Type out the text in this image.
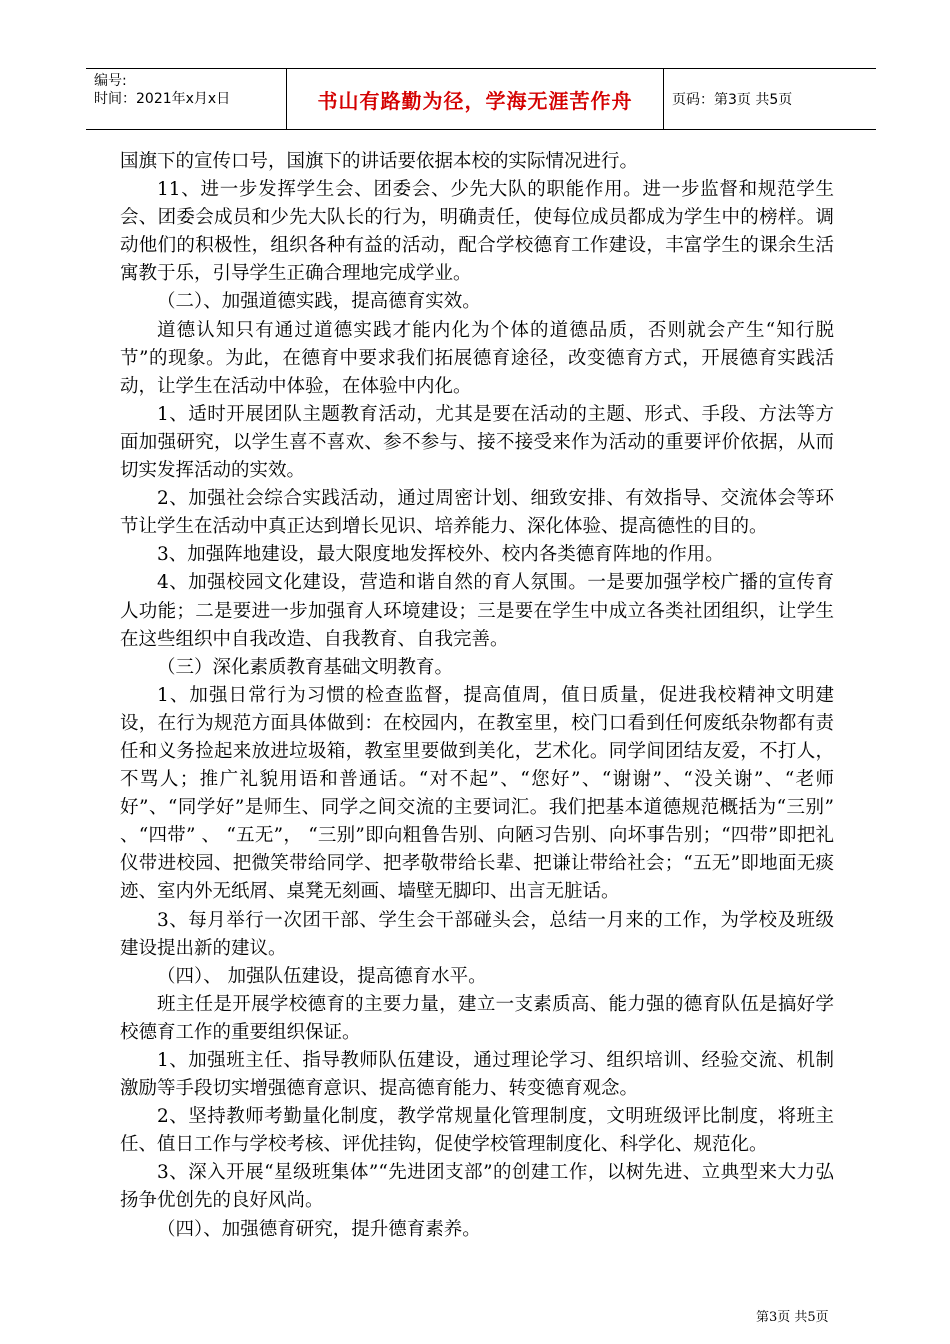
编号:
时间：2021年x月x日	书山有路勤为径，学海无涯苦作舟	页码：第3页 共5页

国旗下的宣传口号，国旗下的讲话要依据本校的实际情况进行。

11、进一步发挥学生会、团委会、少先大队的职能作用。进一步监督和规范学生会、团委会成员和少先大队长的行为，明确责任，使每位成员都成为学生中的榜样。调动他们的积极性，组织各种有益的活动，配合学校德育工作建设，丰富学生的课余生活寓教于乐，引导学生正确合理地完成学业。

（二）、加强道德实践，提高德育实效。

道德认知只有通过道德实践才能内化为个体的道德品质，否则就会产生“知行脱节”的现象。为此，在德育中要求我们拓展德育途径，改变德育方式，开展德育实践活动，让学生在活动中体验，在体验中内化。

1、适时开展团队主题教育活动，尤其是要在活动的主题、形式、手段、方法等方面加强研究，以学生喜不喜欢、参不参与、接不接受来作为活动的重要评价依据，从而切实发挥活动的实效。

2、加强社会综合实践活动，通过周密计划、细致安排、有效指导、交流体会等环节让学生在活动中真正达到增长见识、培养能力、深化体验、提高德性的目的。

3、加强阵地建设，最大限度地发挥校外、校内各类德育阵地的作用。

4、加强校园文化建设，营造和谐自然的育人氛围。一是要加强学校广播的宣传育人功能；二是要进一步加强育人环境建设；三是要在学生中成立各类社团组织，让学生在这些组织中自我改造、自我教育、自我完善。

（三）深化素质教育基础文明教育。

1、加强日常行为习惯的检查监督，提高值周，值日质量，促进我校精神文明建设，在行为规范方面具体做到：在校园内，在教室里，校门口看到任何废纸杂物都有责任和义务捡起来放进垃圾箱，教室里要做到美化，艺术化。同学间团结友爱，不打人，不骂人；推广礼貌用语和普通话。“对不起”、“您好”、“谢谢”、“没关谢”、“老师好”、“同学好”是师生、同学之间交流的主要词汇。我们把基本道德规范概括为“三别” 、“四带” 、 “五无”， “三别”即向粗鲁告别、向陋习告别、向坏事告别；“四带”即把礼仪带进校园、把微笑带给同学、把孝敬带给长辈、把谦让带给社会；“五无”即地面无痰迹、室内外无纸屑、桌凳无刻画、墙壁无脚印、出言无脏话。

3、每月举行一次团干部、学生会干部碰头会，总结一月来的工作，为学校及班级建设提出新的建议。

（四）、 加强队伍建设，提高德育水平。

班主任是开展学校德育的主要力量，建立一支素质高、能力强的德育队伍是搞好学校德育工作的重要组织保证。

1、加强班主任、指导教师队伍建设，通过理论学习、组织培训、经验交流、机制激励等手段切实增强德育意识、提高德育能力、转变德育观念。

2、坚持教师考勤量化制度，教学常规量化管理制度，文明班级评比制度，将班主任、值日工作与学校考核、评优挂钩，促使学校管理制度化、科学化、规范化。

3、深入开展“星级班集体”“先进团支部”的创建工作，以树先进、立典型来大力弘扬争优创先的良好风尚。

（四）、加强德育研究，提升德育素养。

第3页 共5页
